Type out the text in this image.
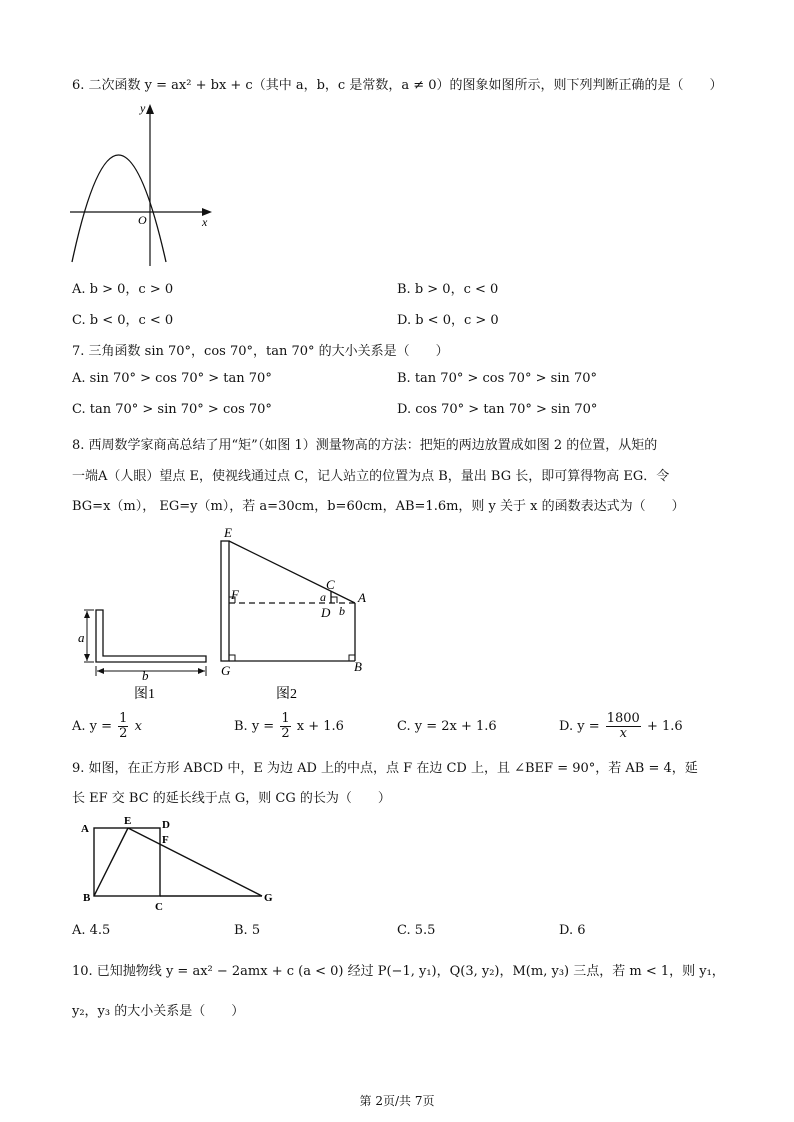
6. 二次函数 y = ax² + bx + c（其中 a，b，c 是常数，a ≠ 0）的图象如图所示，则下列判断正确的是（　　）
y
x
O
A. b > 0，c > 0	B. b > 0，c < 0
C. b < 0，c < 0	D. b < 0，c > 0
7. 三角函数 sin 70°，cos 70°，tan 70° 的大小关系是（　　）
A. sin 70° > cos 70° > tan 70°	B. tan 70° > cos 70° > sin 70°
C. tan 70° > sin 70° > cos 70°	D. cos 70° > tan 70° > sin 70°
8. 西周数学家商高总结了用“矩”（如图 1）测量物高的方法：把矩的两边放置成如图 2 的位置，从矩的
一端A（人眼）望点 E，使视线通过点 C，记人站立的位置为点 B，量出 BG 长，即可算得物高 EG．令
BG=x（m）， EG=y（m），若 a=30cm，b=60cm，AB=1.6m，则 y 关于 x 的函数表达式为（　　）
a
b
图1
E
F
G
C
a
D b
A
B
图2
A. $y = \frac{1}{2}$ x	B. $y = \frac{1}{2}$ x + 1.6	C. y = 2x + 1.6	D. $y = \frac{1800}{x} + 1.6$
9. 如图，在正方形 ABCD 中，E 为边 AD 上的中点，点 F 在边 CD 上，且 ∠BEF = 90°，若 AB = 4，延
长 EF 交 BC 的延长线于点 G，则 CG 的长为（　　）
A
E	D
F
B
C
G
A. 4.5	B. 5	C. 5.5	D. 6
10. 已知抛物线 y = ax² − 2amx + c (a < 0) 经过 P(−1, y₁)，Q(3, y₂)，M(m, y₃) 三点，若 m < 1，则 y₁，
y₂，y₃ 的大小关系是（　　）
第 2页/共 7页
